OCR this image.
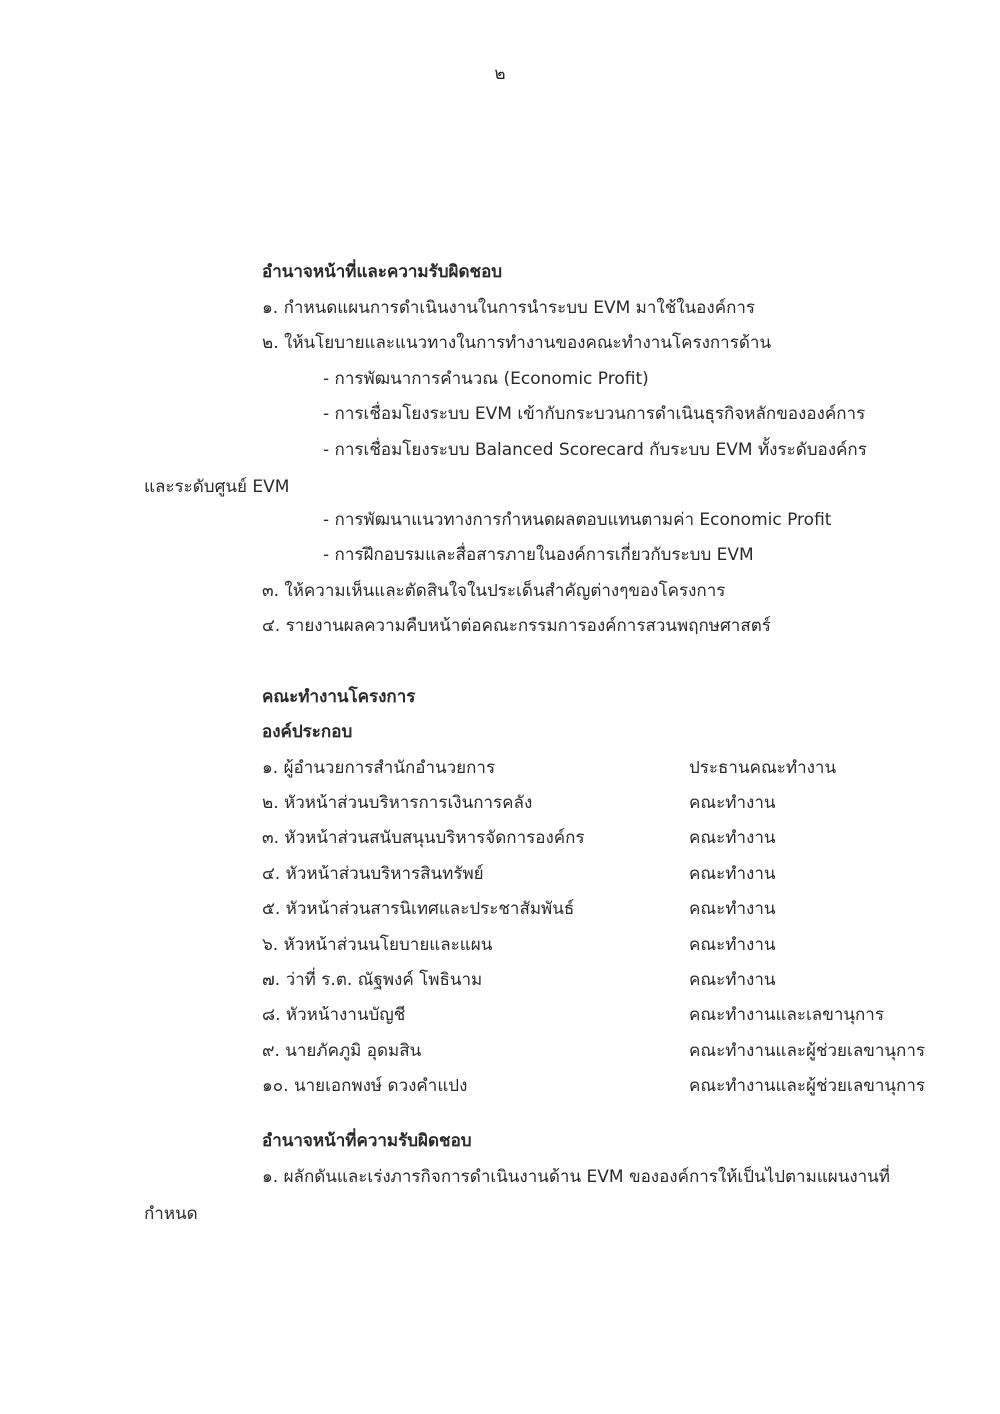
๒
อำนาจหน้าที่และความรับผิดชอบ
๑. กำหนดแผนการดำเนินงานในการนำระบบ EVM มาใช้ในองค์การ
๒. ให้นโยบายและแนวทางในการทำงานของคณะทำงานโครงการด้าน
- การพัฒนาการคำนวณ (Economic Profit)
- การเชื่อมโยงระบบ EVM เข้ากับกระบวนการดำเนินธุรกิจหลักขององค์การ
- การเชื่อมโยงระบบ Balanced Scorecard กับระบบ EVM ทั้งระดับองค์กร
และระดับศูนย์ EVM
- การพัฒนาแนวทางการกำหนดผลตอบแทนตามค่า Economic Profit
- การฝึกอบรมและสื่อสารภายในองค์การเกี่ยวกับระบบ EVM
๓. ให้ความเห็นและตัดสินใจในประเด็นสำคัญต่างๆของโครงการ
๔. รายงานผลความคืบหน้าต่อคณะกรรมการองค์การสวนพฤกษศาสตร์
คณะทำงานโครงการ
องค์ประกอบ
๑. ผู้อำนวยการสำนักอำนวยการ	ประธานคณะทำงาน
๒. หัวหน้าส่วนบริหารการเงินการคลัง	คณะทำงาน
๓. หัวหน้าส่วนสนับสนุนบริหารจัดการองค์กร	คณะทำงาน
๔. หัวหน้าส่วนบริหารสินทรัพย์	คณะทำงาน
๕. หัวหน้าส่วนสารนิเทศและประชาสัมพันธ์	คณะทำงาน
๖. หัวหน้าส่วนนโยบายและแผน	คณะทำงาน
๗. ว่าที่ ร.ต. ณัฐพงค์ โพธินาม	คณะทำงาน
๘. หัวหน้างานบัญชี	คณะทำงานและเลขานุการ
๙. นายภัคภูมิ อุดมสิน	คณะทำงานและผู้ช่วยเลขานุการ
๑๐. นายเอกพงษ์ ดวงคำแปง	คณะทำงานและผู้ช่วยเลขานุการ
อำนาจหน้าที่ความรับผิดชอบ
๑. ผลักดันและเร่งภารกิจการดำเนินงานด้าน EVM ขององค์การให้เป็นไปตามแผนงานที่
กำหนด
